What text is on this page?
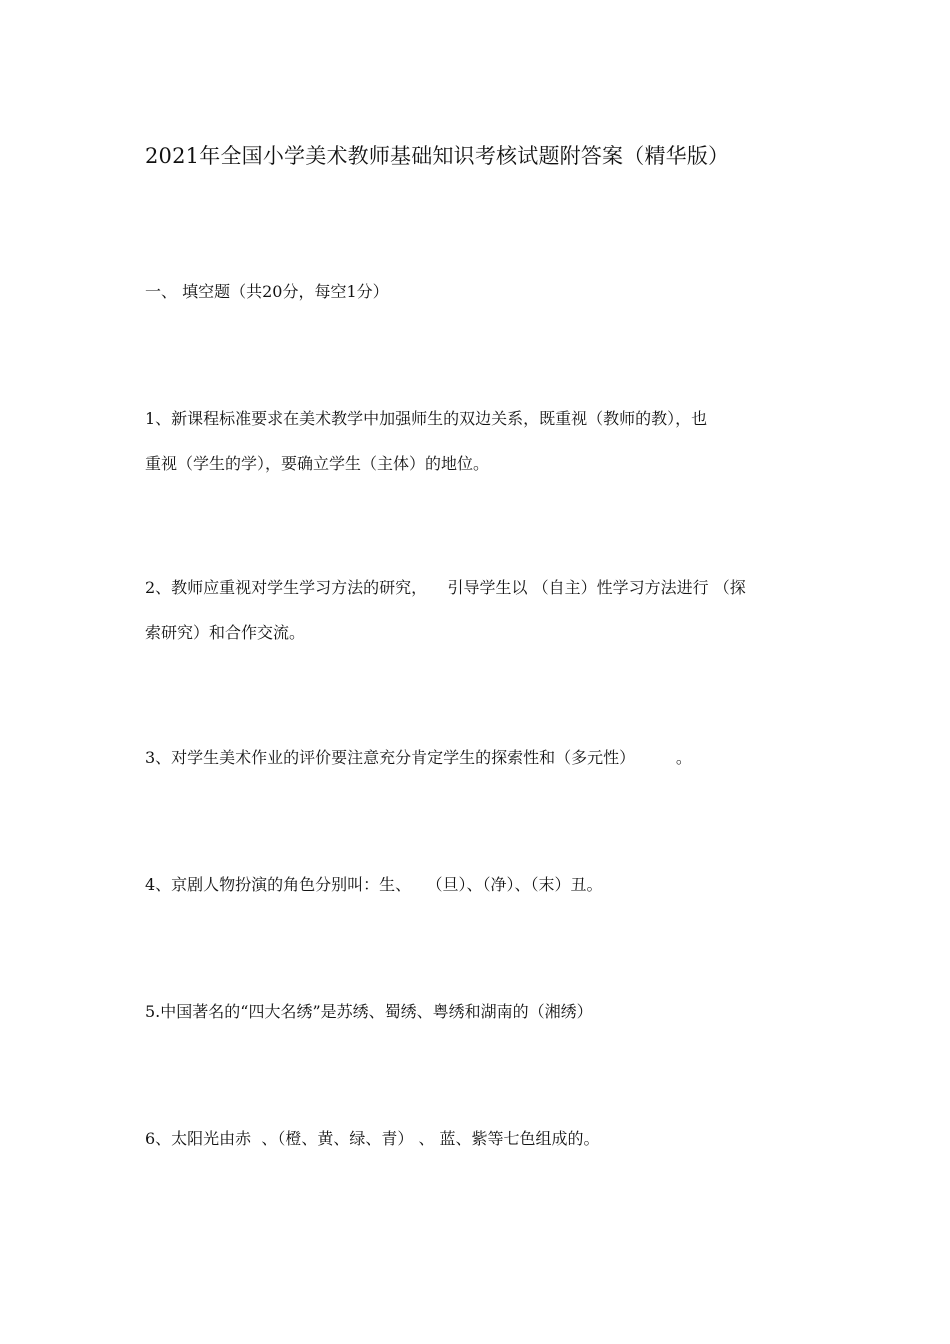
2021年全国小学美术教师基础知识考核试题附答案（精华版）
一、 填空题（共20分，每空1分）
1、新课程标准要求在美术教学中加强师生的双边关系，既重视（教师的教），也
重视（学生的学），要确立学生（主体）的地位。
2、教师应重视对学生学习方法的研究，    引导学生以 （自主）性学习方法进行 （探
索研究）和合作交流。
3、对学生美术作业的评价要注意充分肯定学生的探索性和（多元性）        。
4、京剧人物扮演的角色分别叫：生、   （旦）、（净）、（末）丑。
5.中国著名的“四大名绣”是苏绣、蜀绣、粤绣和湖南的（湘绣）
6、太阳光由赤  、（橙、黄、绿、青） 、 蓝、紫等七色组成的。
